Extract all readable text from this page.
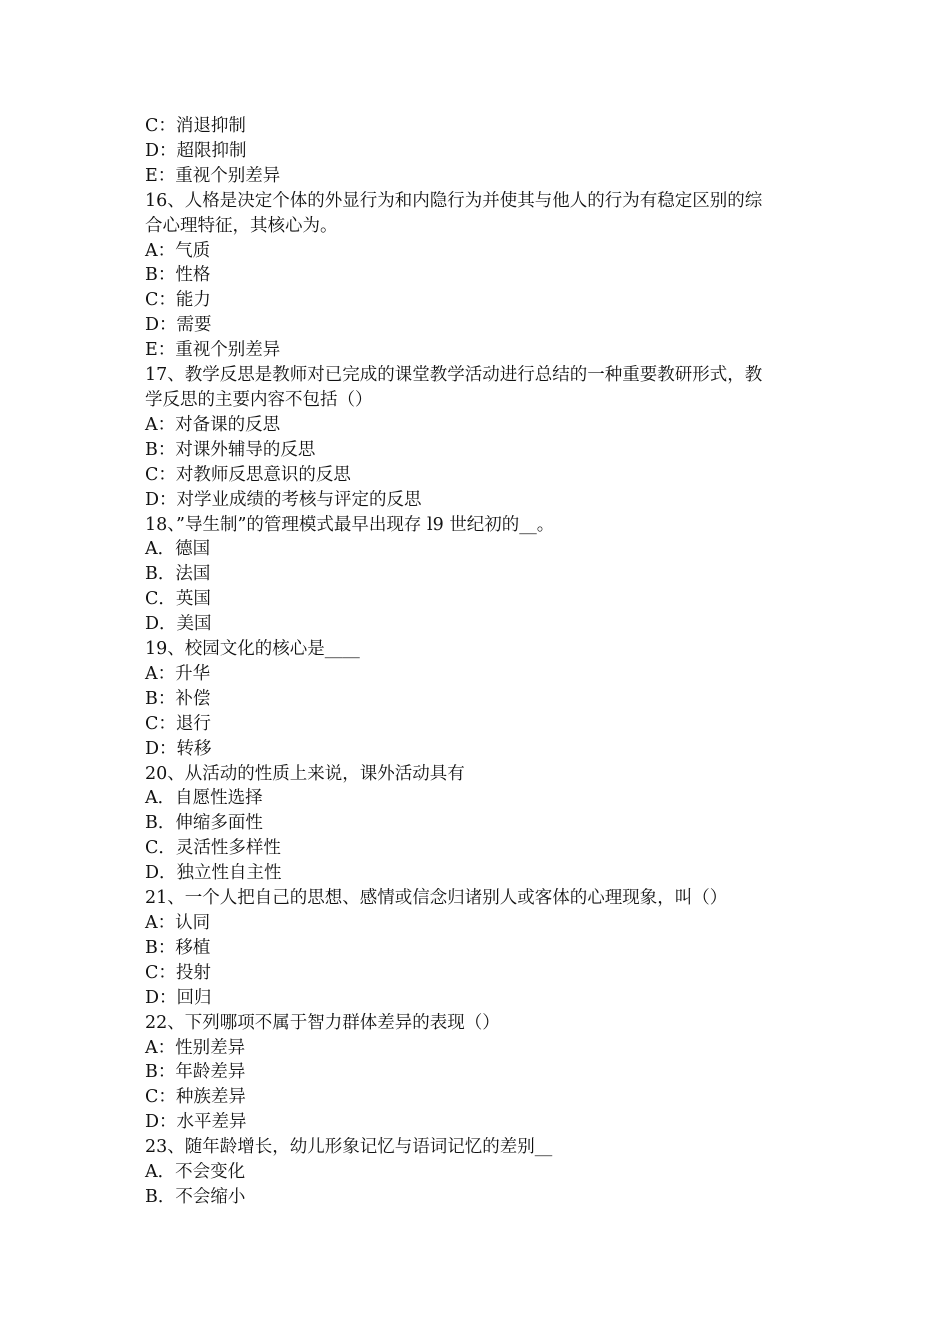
C：消退抑制

D：超限抑制

E：重视个别差异

16、人格是决定个体的外显行为和内隐行为并使其与他人的行为有稳定区别的综

合心理特征，其核心为。

A：气质

B：性格

C：能力

D：需要

E：重视个别差异

17、教学反思是教师对已完成的课堂教学活动进行总结的一种重要教研形式，教

学反思的主要内容不包括（）

A：对备课的反思

B：对课外辅导的反思

C：对教师反思意识的反思

D：对学业成绩的考核与评定的反思

18、”导生制”的管理模式最早出现存 l9 世纪初的__。

A．德国

B．法国

C．英国

D．美国

19、校园文化的核心是____

A：升华

B：补偿

C：退行

D：转移

20、从活动的性质上来说，课外活动具有

A．自愿性选择

B．伸缩多面性

C．灵活性多样性

D．独立性自主性

21、一个人把自己的思想、感情或信念归诸别人或客体的心理现象，叫（）

A：认同

B：移植

C：投射

D：回归

22、下列哪项不属于智力群体差异的表现（）

A：性别差异

B：年龄差异

C：种族差异

D：水平差异

23、随年龄增长，幼儿形象记忆与语词记忆的差别__

A．不会变化

B．不会缩小
